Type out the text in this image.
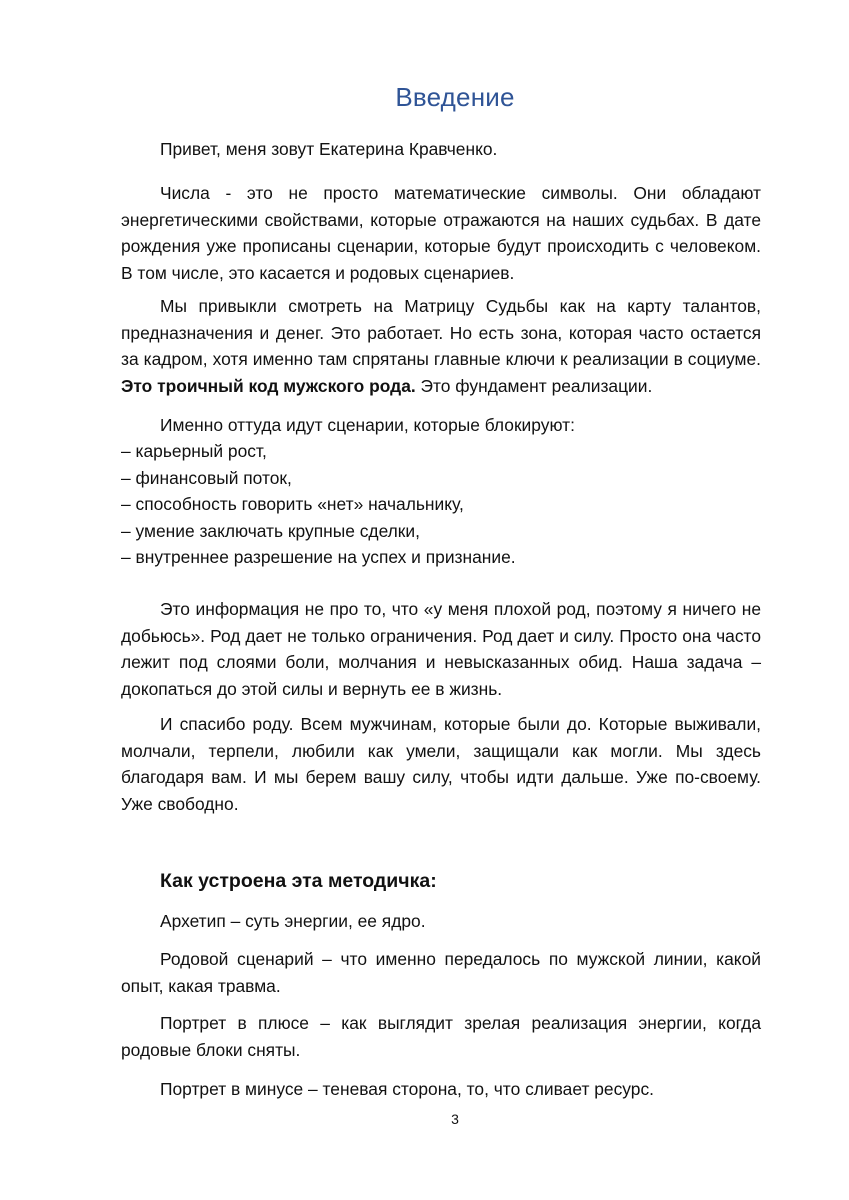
Введение

Привет, меня зовут Екатерина Кравченко.

Числа - это не просто математические символы. Они обладают энергетическими свойствами, которые отражаются на наших судьбах. В дате рождения уже прописаны сценарии, которые будут происходить с человеком. В том числе, это касается и родовых сценариев.

Мы привыкли смотреть на Матрицу Судьбы как на карту талантов, предназначения и денег. Это работает. Но есть зона, которая часто остается за кадром, хотя именно там спрятаны главные ключи к реализации в социуме. Это троичный код мужского рода. Это фундамент реализации.

Именно оттуда идут сценарии, которые блокируют:

– карьерный рост,
– финансовый поток,
– способность говорить «нет» начальнику,
– умение заключать крупные сделки,
– внутреннее разрешение на успех и признание.

Это информация не про то, что «у меня плохой род, поэтому я ничего не добьюсь». Род дает не только ограничения. Род дает и силу. Просто она часто лежит под слоями боли, молчания и невысказанных обид. Наша задача – докопаться до этой силы и вернуть ее в жизнь.

И спасибо роду. Всем мужчинам, которые были до. Которые выживали, молчали, терпели, любили как умели, защищали как могли. Мы здесь благодаря вам. И мы берем вашу силу, чтобы идти дальше. Уже по-своему. Уже свободно.

Как устроена эта методичка:

Архетип – суть энергии, ее ядро.

Родовой сценарий – что именно передалось по мужской линии, какой опыт, какая травма.

Портрет в плюсе – как выглядит зрелая реализация энергии, когда родовые блоки сняты.

Портрет в минусе – теневая сторона, то, что сливает ресурс.

3
